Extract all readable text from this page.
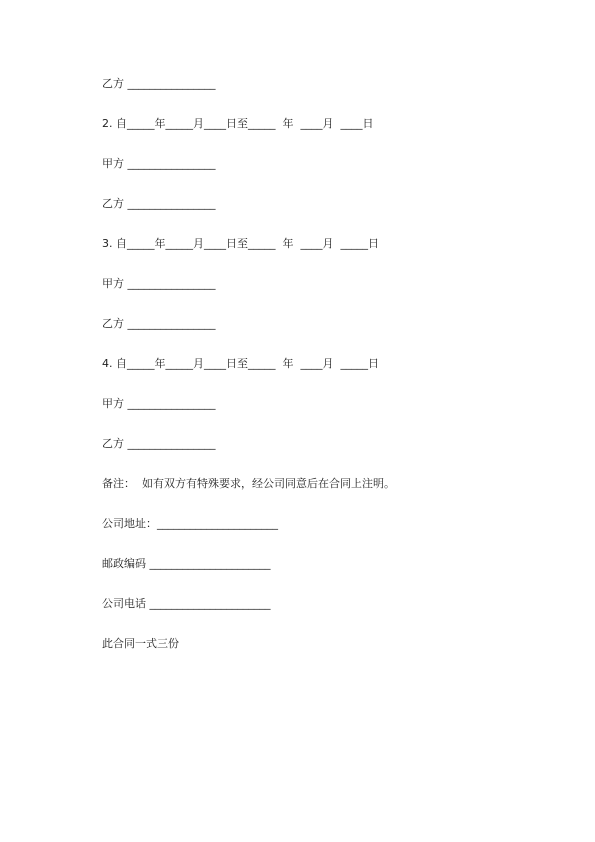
乙方 ________________
2. 自_____年_____月____日至_____  年  ____月  ____日
甲方 ________________
乙方 ________________
3. 自_____年_____月____日至_____  年  ____月  _____日
甲方 ________________
乙方 ________________
4. 自_____年_____月____日至_____  年  ____月  _____日
甲方 ________________
乙方 ________________
备注：  如有双方有特殊要求，经公司同意后在合同上注明。
公司地址：______________________
邮政编码 ______________________
公司电话 ______________________
此合同一式三份
